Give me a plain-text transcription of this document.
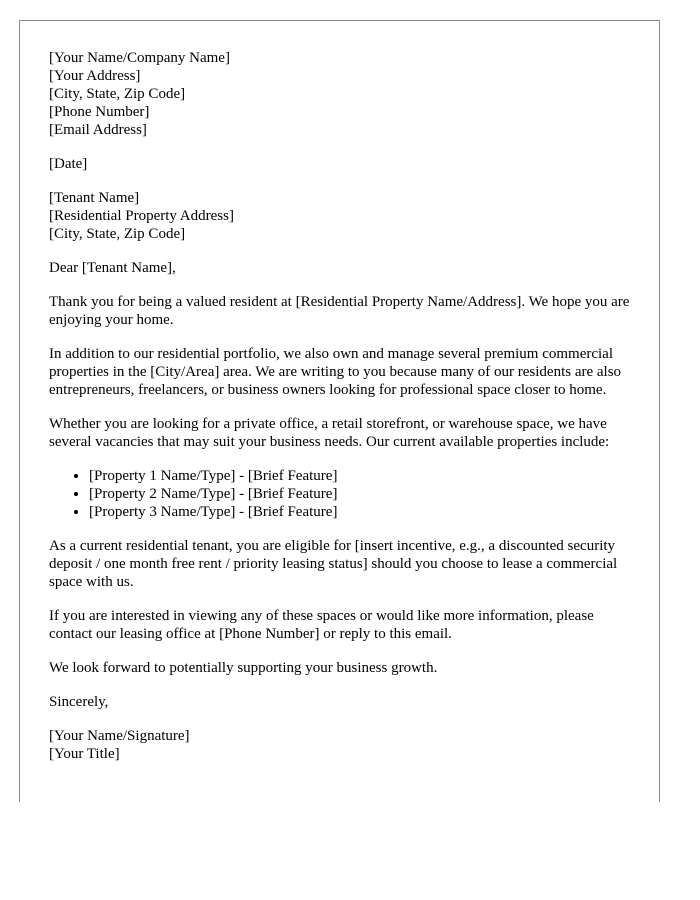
[Your Name/Company Name]
[Your Address]
[City, State, Zip Code]
[Phone Number]
[Email Address]
[Date]
[Tenant Name]
[Residential Property Address]
[City, State, Zip Code]

Dear [Tenant Name],

Thank you for being a valued resident at [Residential Property Name/Address]. We hope you are enjoying your home.

In addition to our residential portfolio, we also own and manage several premium commercial properties in the [City/Area] area. We are writing to you because many of our residents are also entrepreneurs, freelancers, or business owners looking for professional space closer to home.

Whether you are looking for a private office, a retail storefront, or warehouse space, we have several vacancies that may suit your business needs. Our current available properties include:

• [Property 1 Name/Type] - [Brief Feature]
• [Property 2 Name/Type] - [Brief Feature]
• [Property 3 Name/Type] - [Brief Feature]

As a current residential tenant, you are eligible for [insert incentive, e.g., a discounted security deposit / one month free rent / priority leasing status] should you choose to lease a commercial space with us.

If you are interested in viewing any of these spaces or would like more information, please contact our leasing office at [Phone Number] or reply to this email.

We look forward to potentially supporting your business growth.

Sincerely,

[Your Name/Signature]
[Your Title]
